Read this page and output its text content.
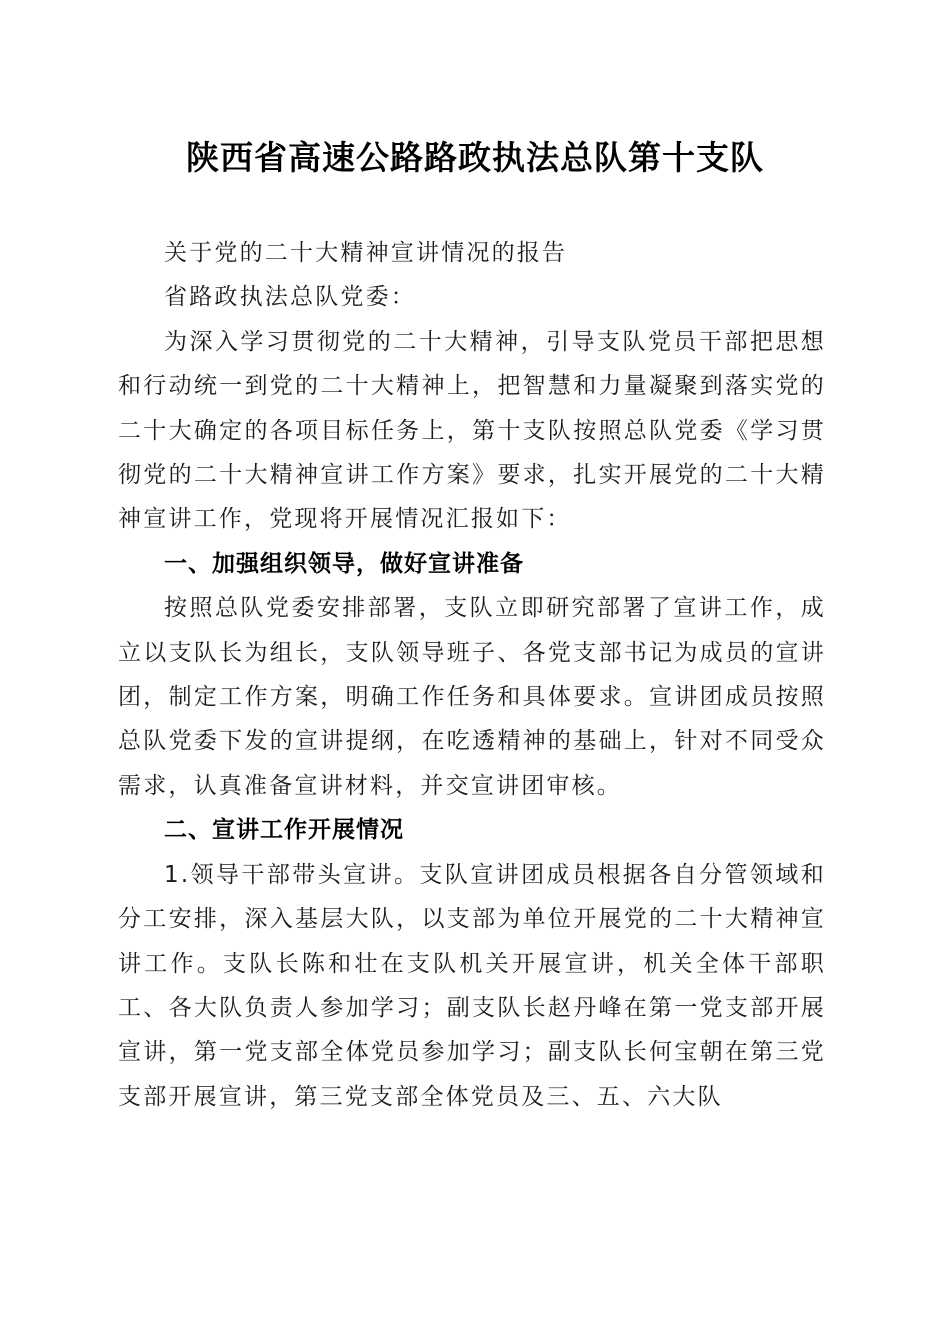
陕西省高速公路路政执法总队第十支队

关于党的二十大精神宣讲情况的报告

省路政执法总队党委：

为深入学习贯彻党的二十大精神，引导支队党员干部把思想和行动统一到党的二十大精神上，把智慧和力量凝聚到落实党的二十大确定的各项目标任务上，第十支队按照总队党委《学习贯彻党的二十大精神宣讲工作方案》要求，扎实开展党的二十大精神宣讲工作，党现将开展情况汇报如下：

一、加强组织领导，做好宣讲准备

按照总队党委安排部署，支队立即研究部署了宣讲工作，成立以支队长为组长，支队领导班子、各党支部书记为成员的宣讲团，制定工作方案，明确工作任务和具体要求。宣讲团成员按照总队党委下发的宣讲提纲，在吃透精神的基础上，针对不同受众需求，认真准备宣讲材料，并交宣讲团审核。

二、宣讲工作开展情况

1.领导干部带头宣讲。支队宣讲团成员根据各自分管领域和分工安排，深入基层大队，以支部为单位开展党的二十大精神宣讲工作。支队长陈和壮在支队机关开展宣讲，机关全体干部职工、各大队负责人参加学习；副支队长赵丹峰在第一党支部开展宣讲，第一党支部全体党员参加学习；副支队长何宝朝在第三党支部开展宣讲，第三党支部全体党员及三、五、六大队
